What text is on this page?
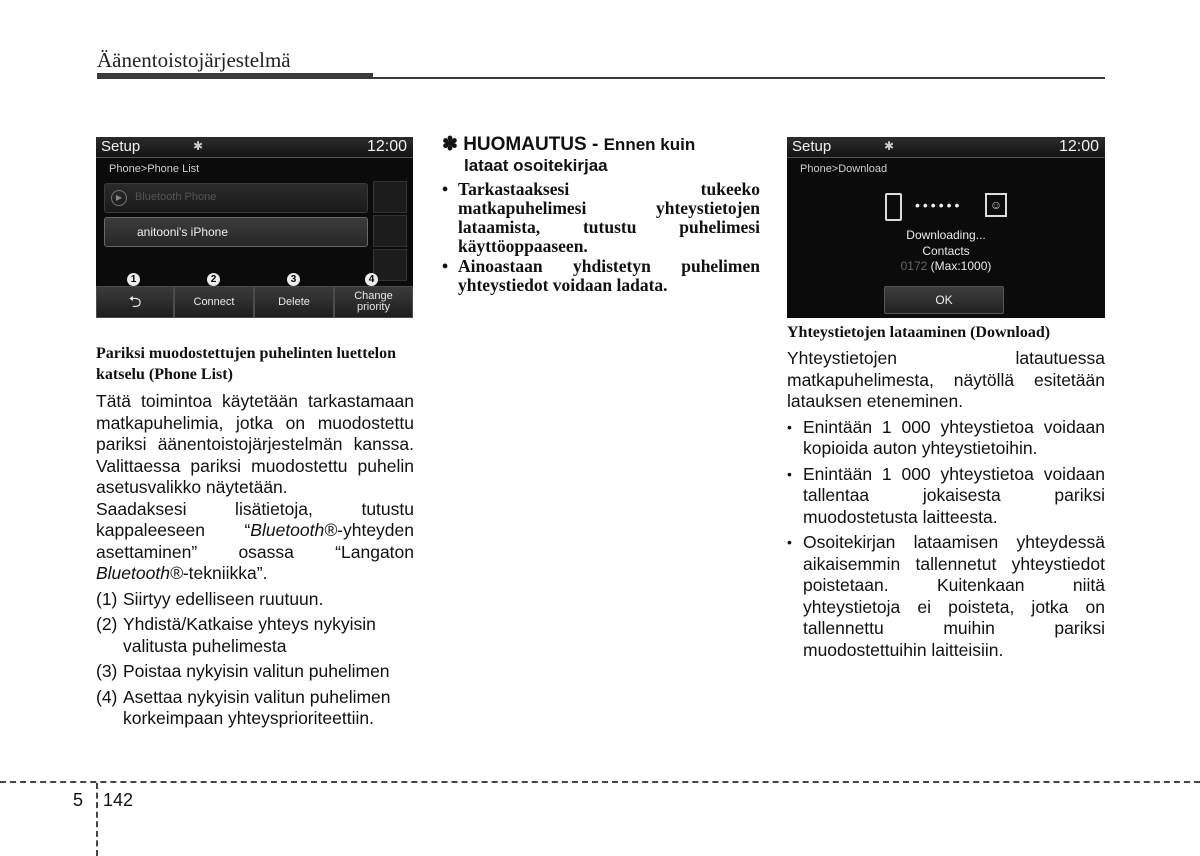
Äänentoistojärjestelmä
Setup	✱	12:00
Phone>Phone List
▶	Bluetooth Phone
anitooni's iPhone
1	2	3	4
⮌	Connect	Delete	Change
priority
Setup	✱	12:00
Phone>Download
••••••	☺
Downloading...
Contacts
0172 (Max:1000)
OK
Pariksi muodostettujen puhelinten luettelon katselu (Phone List)
Tätä toimintoa käytetään tarkastamaan matkapuhelimia, jotka on muodostettu pariksi äänentoistojärjestelmän kanssa. Valittaessa pariksi muodostettu puhelin asetusvalikko näytetään.
Saadaksesi lisätietoja, tutustu kappaleeseen “Bluetooth®-yhteyden asettaminen” osassa “Langaton Bluetooth®-tekniikka”.
(1) Siirtyy edelliseen ruutuun.
(2) Yhdistä/Katkaise yhteys nykyisin valitusta puhelimesta
(3) Poistaa nykyisin valitun puhelimen
(4) Asettaa nykyisin valitun puhelimen korkeimpaan yhteysprioriteettiin.
✽ HUOMAUTUS - Ennen kuin
lataat osoitekirjaa
• Tarkastaaksesi tukeeko matkapuhelimesi yhteystietojen lataamista, tutustu puhelimesi käyttöoppaaseen.
• Ainoastaan yhdistetyn puhelimen yhteystiedot voidaan ladata.
Yhteystietojen lataaminen (Download)
Yhteystietojen latautuessa matkapuhelimesta, näytöllä esitetään latauksen eteneminen.
• Enintään 1 000 yhteystietoa voidaan kopioida auton yhteystietoihin.
• Enintään 1 000 yhteystietoa voidaan tallentaa jokaisesta pariksi muodostetusta laitteesta.
• Osoitekirjan lataamisen yhteydessä aikaisemmin tallennetut yhteystiedot poistetaan. Kuitenkaan niitä yhteystietoja ei poisteta, jotka on tallennettu muihin pariksi muodostettuihin laitteisiin.
5 142
